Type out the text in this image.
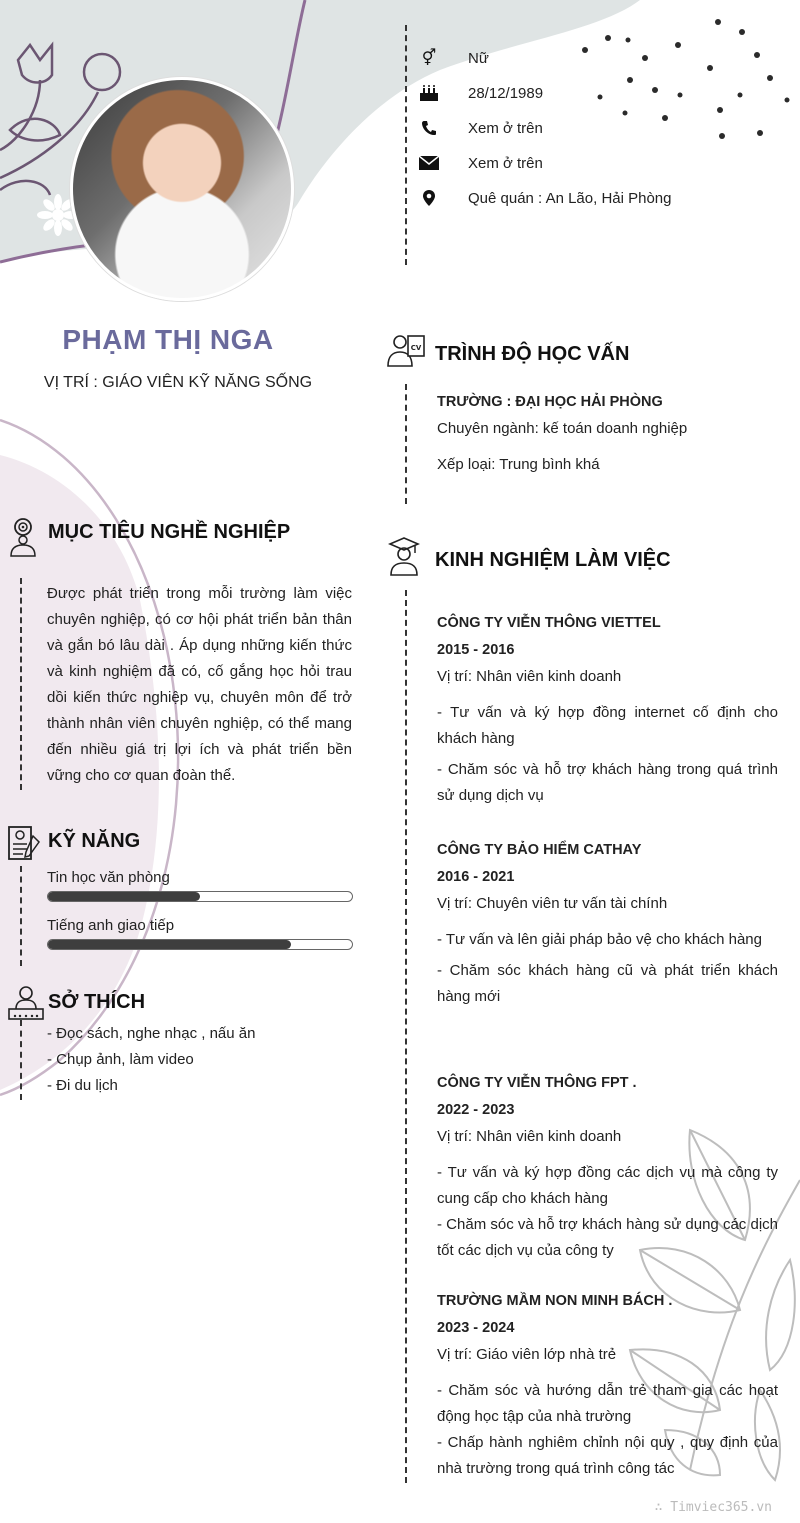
PHẠM THỊ NGA
VỊ TRÍ : GIÁO VIÊN KỸ NĂNG SỐNG
⚥ Nữ
28/12/1989
Xem ở trên
Xem ở trên
Quê quán : An Lão, Hải Phòng
MỤC TIÊU NGHỀ NGHIỆP
Được phát triển trong mỗi trường làm việc chuyên nghiệp, có cơ hội phát triển bản thân và gắn bó lâu dài . Áp dụng những kiến thức và kinh nghiệm đã có, cố gắng học hỏi trau dồi kiến thức nghiệp vụ, chuyên môn để trở thành nhân viên chuyên nghiệp, có thể mang đến nhiều giá trị lợi ích và phát triển bền vững cho cơ quan đoàn thể.
KỸ NĂNG
Tin học văn phòng
Tiếng anh giao tiếp
SỞ THÍCH
- Đọc sách, nghe nhạc , nấu ăn
- Chụp ảnh, làm video
- Đi du lịch
CV TRÌNH ĐỘ HỌC VẤN
TRƯỜNG : ĐẠI HỌC HẢI PHÒNG
Chuyên ngành: kế toán doanh nghiệp
Xếp loại: Trung bình khá
KINH NGHIỆM LÀM VIỆC
CÔNG TY VIỄN THÔNG VIETTEL
2015 - 2016
Vị trí: Nhân viên kinh doanh
- Tư vấn và ký hợp đồng internet cố định cho khách hàng
- Chăm sóc và hỗ trợ khách hàng trong quá trình sử dụng dịch vụ
CÔNG TY BẢO HIỂM CATHAY
2016 - 2021
Vị trí: Chuyên viên tư vấn tài chính
- Tư vấn và lên giải pháp bảo vệ cho khách hàng
- Chăm sóc khách hàng cũ và phát triển khách hàng mới
CÔNG TY VIỄN THÔNG FPT .
2022 - 2023
Vị trí: Nhân viên kinh doanh
- Tư vấn và ký hợp đồng các dịch vụ mà công ty cung cấp cho khách hàng
- Chăm sóc và hỗ trợ khách hàng sử dụng các dịch tốt các dịch vụ của công ty
TRƯỜNG MẦM NON MINH BÁCH .
2023 - 2024
Vị trí: Giáo viên lớp nhà trẻ
- Chăm sóc và hướng dẫn trẻ tham gia các hoạt động học tập của nhà trường
- Chấp hành nghiêm chỉnh nội quy , quy định của nhà trường trong quá trình công tác
∴ Timviec365.vn
